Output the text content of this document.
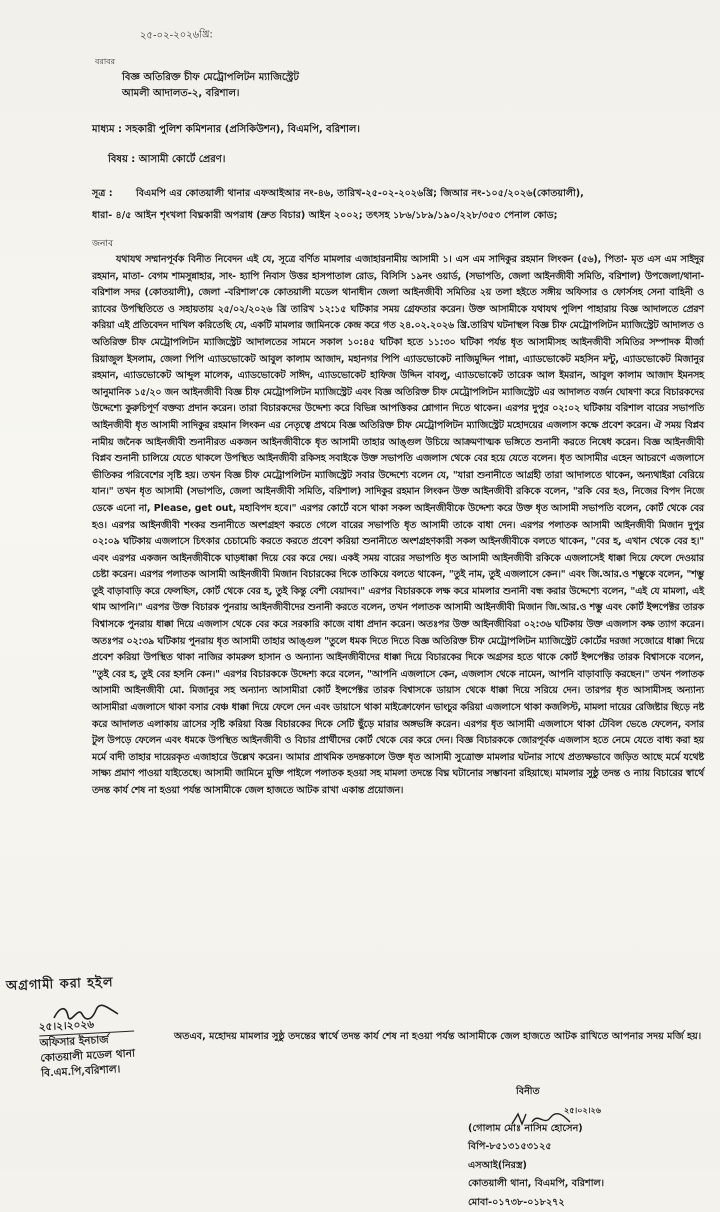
২৫-০২-২০২৬খ্রি:
বরাবর
বিজ্ঞ অতিরিক্ত চীফ মেট্রোপলিটন ম্যাজিস্ট্রেট
আমলী আদালত-২, বরিশাল।
মাধ্যম : সহকারী পুলিশ কমিশনার (প্রসিকিউশন), বিএমপি, বরিশাল।
বিষয় : আসামী কোর্টে প্রেরণ।
সূত্র : বিএমপি এর কোতয়ালী থানার এফআইআর নং-৪৬, তারিখ-২৫-০২-২০২৬খ্রি; জিআর নং-১০৫/২০২৬(কোতয়ালী),
ধারা- ৪/৫ আইন শৃংখলা বিঘ্নকারী অপরাধ (দ্রুত বিচার) আইন ২০০২; তৎসহ ১৮৬/১৮৯/১৯০/২২৮/৩৫৩ পেনাল কোড;
জনাব

যথাযথ সম্মানপূর্বক বিনীত নিবেদন এই যে, সূত্রে বর্ণিত মামলার এজাহারনামীয় আসামী ১। এস এম সাদিকুর রহমান লিংকন (৫৬), পিতা- মৃত এস এম সাইদুর রহমান, মাতা- বেগম শামসুন্নাহার, সাং- হ্যাপি নিবাস উত্তর হাসপাতাল রোড, বিসিসি ১৯নং ওয়ার্ড, (সভাপতি, জেলা আইনজীবী সমিতি, বরিশাল) উপজেলা/থানা- বরিশাল সদর (কোতয়ালী), জেলা -বরিশাল'কে কোতয়ালী মডেল থানাধীন জেলা আইনজীবী সমিতির ২য় তলা হইতে সঙ্গীয় অফিসার ও ফোর্সসহ সেনা বাহিনী ও র‍্যাবের উপস্থিতিতে ও সহায়তায় ২৫/০২/২০২৬ খ্রি তারিখ ১২:১৫ ঘটিকার সময় গ্রেফতার করেন। উক্ত আসামীকে যথাযথ পুলিশ পাহারায় বিজ্ঞ আদালতে প্রেরণ করিয়া এই প্রতিবেদন দাখিল করিতেছি যে, একটি মামলার জামিনকে কেন্দ্র করে গত ২৪.০২.২০২৬ খ্রি.তারিখ ঘটনাস্থল বিজ্ঞ চীফ মেট্রোপলিটন ম্যাজিস্ট্রেট আদালত ও অতিরিক্ত চীফ মেট্রোপলিটন ম্যাজিস্ট্রেট আদালতের সামনে সকাল ১০:৪৫ ঘটিকা হতে ১১:৩০ ঘটিকা পর্যন্ত ধৃত আসামীসহ আইনজীবী সমিতির সম্পাদক মীর্জা রিয়াজুল ইসলাম, জেলা পিপি এ্যাডভোকেট আবুল কালাম আজাদ, মহানগর পিপি এ্যাডভোকেট নাজিমুদ্দিন পান্না, এ্যাডভোকেট মহসিন মন্টু, এ্যাডভোকেট মিজানুর রহমান, এ্যাডভোকেট আব্দুল মালেক, এ্যাডভোকেট সাঈদ, এ্যাডভোকেট হাফিজ উদ্দিন বাবলু, এ্যাডভোকেট তারেক আল ইমরান, আবুল কালাম আজাদ ইমনসহ আনুমানিক ১৫/২০ জন আইনজীবী বিজ্ঞ চীফ মেট্রোপলিটন ম্যাজিস্ট্রেট এবং বিজ্ঞ অতিরিক্ত চীফ মেট্রোপলিটন ম্যাজিস্ট্রেট এর আদালত বর্জন ঘোষণা করে বিচারকদের উদ্দেশ্যে কুরুচিপূর্ণ বক্তব্য প্রদান করেন। তারা বিচারকদের উদ্দেশ্য করে বিভিন্ন আপত্তিকর শ্লোগান দিতে থাকেন। এরপর দুপুর ০২:০২ ঘটিকায় বরিশাল বারের সভাপতি আইনজীবী ধৃত আসামী সাদিকুর রহমান লিংকন এর নেতৃত্বে প্রথমে বিজ্ঞ অতিরিক্ত চীফ মেট্রোপলিটন ম্যাজিস্ট্রেট মহোদয়ের এজলাস কক্ষে প্রবেশ করেন। ঐ সময় বিপ্লব নামীয় জনৈক আইনজীবী শুনানীরত একজন আইনজীবীকে ধৃত আসামী তাহার আঙ্গুল উচিয়ে আক্রমণাত্মক ভঙ্গিতে শুনানী করতে নিষেধ করেন। বিজ্ঞ আইনজীবী বিপ্লব শুনানী চালিয়ে যেতে থাকলে উপস্থিত আইনজীবী রকিসহ সবাইকে উক্ত সভাপতি এজলাস থেকে বের হয়ে যেতে বলেন। ধৃত আসামীর এহেন আচরণে এজলাসে ভীতিকর পরিবেশের সৃষ্টি হয়। তখন বিজ্ঞ চীফ মেট্রোপলিটন ম্যাজিস্ট্রেট সবার উদ্দেশ্যে বলেন যে, "যারা শুনানীতে আগ্রহী তারা আদালতে থাকেন, অন্যথাইরা বেরিয়ে যান।" তখন ধৃত আসামী (সভাপতি, জেলা আইনজীবী সমিতি, বরিশাল) সাদিকুর রহমান লিংকন উক্ত আইনজীবী রকিকে বলেন, "রকি বের হও, নিজের বিপদ নিজে ডেকে এনো না, Please, get out, মহাবিপদ হবে।" এরপর কোর্টে বসে থাকা সকল আইনজীবীকে উদ্দেশ্য করে উক্ত ধৃত আসামী সভাপতি বলেন, কোর্ট থেকে বের হও। এরপর আইনজীবী শংকর শুনানীতে অংশগ্রহণ করতে গেলে বারের সভাপতি ধৃত আসামী তাকে বাধা দেন। এরপর পলাতক আসামী আইনজীবী মিজান দুপুর ০২:০৯ ঘটিকায় এজলাসে চিৎকার চেচামেচি করতে করতে প্রবেশ করিয়া শুনানীতে অংশগ্রহণকারী সকল আইনজীবীকে বলতে থাকেন, "বের হ, এখান থেকে বের হ।" এবং এরপর একজন আইনজীবীকে ঘাড়ধাক্কা দিয়ে বের করে দেয়। একই সময় বারের সভাপতি ধৃত আসামী আইনজীবী রকিকে এজলাসেই ধাক্কা দিয়ে ফেলে দেওয়ার চেষ্টা করেন। এরপর পলাতক আসামী আইনজীবী মিজান বিচারকের দিকে তাকিয়ে বলতে থাকেন, "তুই নাম, তুই এজলাসে কেন।" এবং জি.আর.ও শম্ভুকে বলেন, "শম্ভু তুই বাড়াবাড়ি করে ফেলছিস, কোর্ট থেকে বের হ, তুই কিন্তু বেশী বেয়াদব।" এরপর বিচারককে লক্ষ করে মামলার শুনানী বন্ধ করার উদ্দেশ্যে বলেন, "এই যে মামলা, এই থাম আপনি।" এরপর উক্ত বিচারক পুনরায় আইনজীবীদের শুনানী করতে বলেন, তখন পলাতক আসামী আইনজীবী মিজান জি.আর.ও শম্ভু এবং কোর্ট ইন্সপেক্টর তারক বিশ্বাসকে পুনরায় ধাক্কা দিয়ে এজলাস থেকে বের করে সরকারি কাজে বাধা প্রদান করেন। অতঃপর উক্ত আইনজীবিরা ০২:৩৬ ঘটিকায় উক্ত এজলাস কক্ষ ত্যাগ করেন। অতঃপর ০২:৩৯ ঘটিকায় পুনরায় ধৃত আসামী তাহার আঙ্গুল "তুলে ধমক দিতে দিতে বিজ্ঞ অতিরিক্ত চীফ মেট্রোপলিটন ম্যাজিস্ট্রেট কোর্টের দরজা সজোরে ধাক্কা দিয়ে প্রবেশ করিয়া উপস্থিত থাকা নাজির কামরুল হাসান ও অন্যান্য আইনজীবীদের ধাক্কা দিয়ে বিচারকের দিকে অগ্রসর হতে থাকে কোর্ট ইন্সপেক্টর তারক বিশ্বাসকে বলেন, "তুই বের হ, তুই বের হসনি কেন।" এরপর বিচারককে উদ্দেশ্য করে বলেন, "আপনি এজলাসে কেন, এজলাস থেকে নামেন, আপনি বাড়াবাড়ি করছেন।" তখন পলাতক আসামী আইনজীবী মো. মিজানুর সহ অন্যান্য আসামীরা কোর্ট ইন্সপেক্টর তারক বিশ্বাসকে ডায়াস থেকে ধাক্কা দিয়ে সরিয়ে দেন। তারপর ধৃত আসামীসহ অন্যান্য আসামীরা এজলাসে থাকা বসার বেঞ্চ ধাক্কা দিয়ে ফেলে দেন এবং ডায়াসে থাকা মাইক্রোফোন ভাংচুর করিয়া এজলাসে থাকা কজলিস্ট, মামলা দায়ের রেজিষ্টার ছিড়ে নষ্ট করে আদালত এলাকায় ত্রাসের সৃষ্টি করিয়া বিজ্ঞ বিচারকের দিকে সেটি ছুঁড়ে মারার অঙ্গভঙ্গি করেন। এরপর ধৃত আসামী এজলাসে থাকা টেবিল ভেঙে ফেলেন, বসার টুল উপড়ে ফেলেন এবং ধমকে উপস্থিত আইনজীবী ও বিচার প্রার্থীদের কোর্ট থেকে বের করে দেন। বিজ্ঞ বিচারককে জোরপূর্বক এজলাস হতে নেমে যেতে বাধ্য করা হয় মর্মে বাদী তাহার দায়েরকৃত এজাহারে উল্লেখ করেন। আমার প্রাথমিক তদন্তকালে উক্ত ধৃত আসামী সুত্রোক্ত মামলার ঘটনার সাথে প্রত্যক্ষভাবে জড়িত আছে মর্মে যথেষ্ট সাক্ষ্য প্রমাণ পাওয়া যাইতেছে। আসামী জামিনে মুক্তি পাইলে পলাতক হওয়া সহ মামলা তদন্তে বিঘ্ন ঘটানোর সম্ভাবনা রহিয়াছে। মামলার সুষ্ঠু তদন্ত ও ন্যায় বিচারের স্বার্থে তদন্ত কার্য শেষ না হওয়া পর্যন্ত আসামীকে জেল হাজতে আটক রাখা একান্ত প্রয়োজন।

অগ্রগামী করা হইল
২৫।২।২০২৬
অফিসার ইনচার্জ
কোতয়ালী মডেল থানা
বি.এম.পি,বরিশাল।

অতএব, মহোদয় মামলার সুষ্ঠু তদন্তের স্বার্থে তদন্ত কার্য শেষ না হওয়া পর্যন্ত আসামীকে জেল হাজতে আটক রাখিতে আপনার সদয় মর্জি হয়।

বিনীত
২৫।০২।২৬
(গোলাম মোঃ নাসিম হোসেন)
বিপি-৮৫১৩১৫৩১২৫
এসআই(নিরস্ত্র)
কোতয়ালী থানা, বিএমপি, বরিশাল।
মোবা-০১৭৩৮-০১৮২৭২
